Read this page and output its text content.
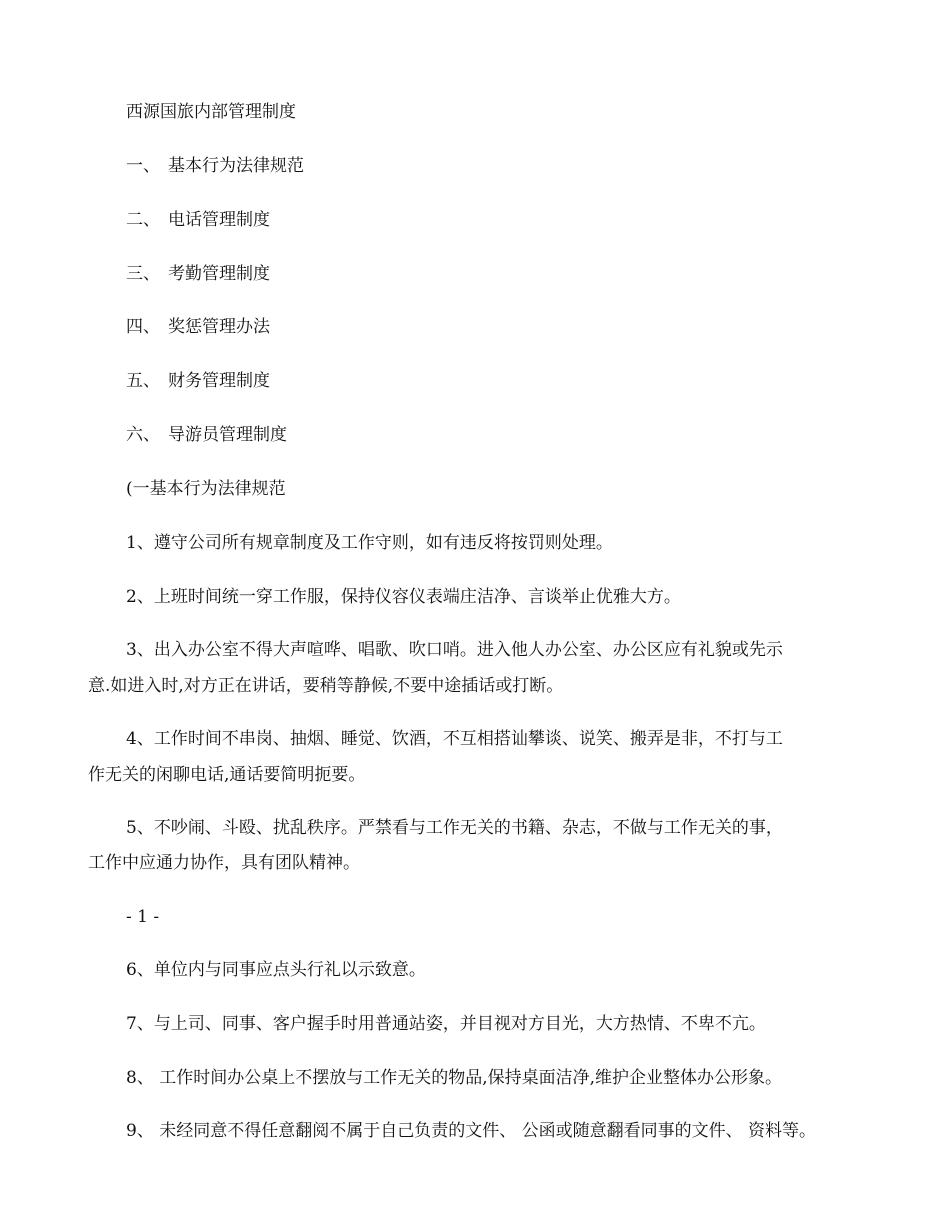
西源国旅内部管理制度
一、 基本行为法律规范
二、 电话管理制度
三、 考勤管理制度
四、 奖惩管理办法
五、 财务管理制度
六、 导游员管理制度
(一基本行为法律规范
1、遵守公司所有规章制度及工作守则，如有违反将按罚则处理。
2、上班时间统一穿工作服，保持仪容仪表端庄洁净、言谈举止优雅大方。
3、出入办公室不得大声喧哗、唱歌、吹口哨。进入他人办公室、办公区应有礼貌或先示
意.如进入时,对方正在讲话，要稍等静候,不要中途插话或打断。
4、工作时间不串岗、抽烟、睡觉、饮酒，不互相搭讪攀谈、说笑、搬弄是非，不打与工
作无关的闲聊电话,通话要简明扼要。
5、不吵闹、斗殴、扰乱秩序。严禁看与工作无关的书籍、杂志，不做与工作无关的事，
工作中应通力协作，具有团队精神。
- 1 -
6、单位内与同事应点头行礼以示致意。
7、与上司、同事、客户握手时用普通站姿，并目视对方目光，大方热情、不卑不亢。
8、 工作时间办公桌上不摆放与工作无关的物品,保持桌面洁净,维护企业整体办公形象。
9、 未经同意不得任意翻阅不属于自己负责的文件、 公函或随意翻看同事的文件、 资料等。
